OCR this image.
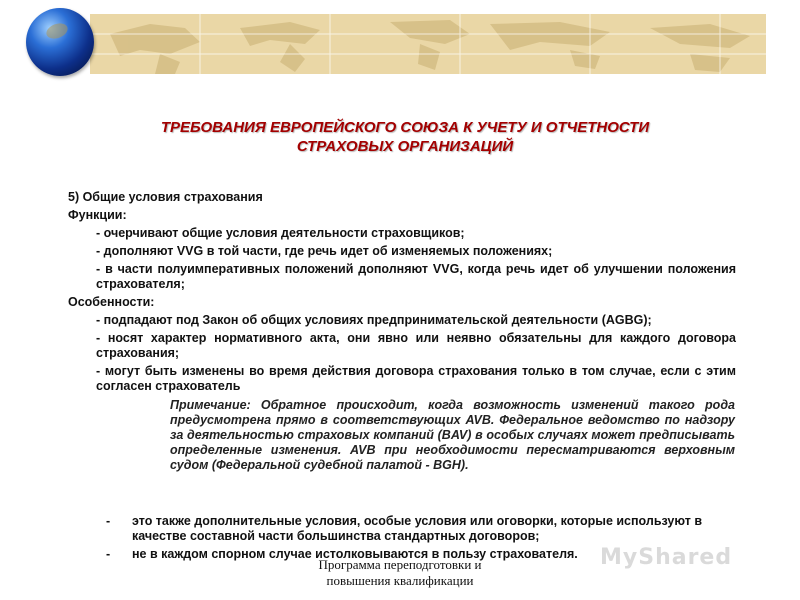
ТРЕБОВАНИЯ ЕВРОПЕЙСКОГО СОЮЗА К УЧЕТУ И ОТЧЕТНОСТИ
СТРАХОВЫХ ОРГАНИЗАЦИЙ
5) Общие условия страхования
Функции:
- очерчивают общие условия деятельности страховщиков;
- дополняют VVG в той части, где речь идет об изменяемых положениях;
- в части полуимперативных положений дополняют VVG, когда речь идет об улучшении положения страхователя;
Особенности:
- подпадают под Закон об общих условиях предпринимательской деятельности (AGBG);
- носят характер нормативного акта, они явно или неявно обязательны для каждого договора страхования;
- могут быть изменены во время действия договора страхования только в том случае, если с этим согласен страхователь
Примечание: Обратное происходит, когда возможность изменений такого рода предусмотрена прямо в соответствующих AVB. Федеральное ведомство по надзору за деятельностью страховых компаний (BAV) в особых случаях может предписывать определенные изменения. AVB при необходимости пересматриваются верховным судом (Федеральной судебной палатой - BGH).
- это также дополнительные условия, особые условия или оговорки, которые используют в качестве составной части большинства стандартных договоров;
- не в каждом спорном случае истолковываются в пользу страхователя.	MyShared
Программа переподготовки и
повышения квалификации
